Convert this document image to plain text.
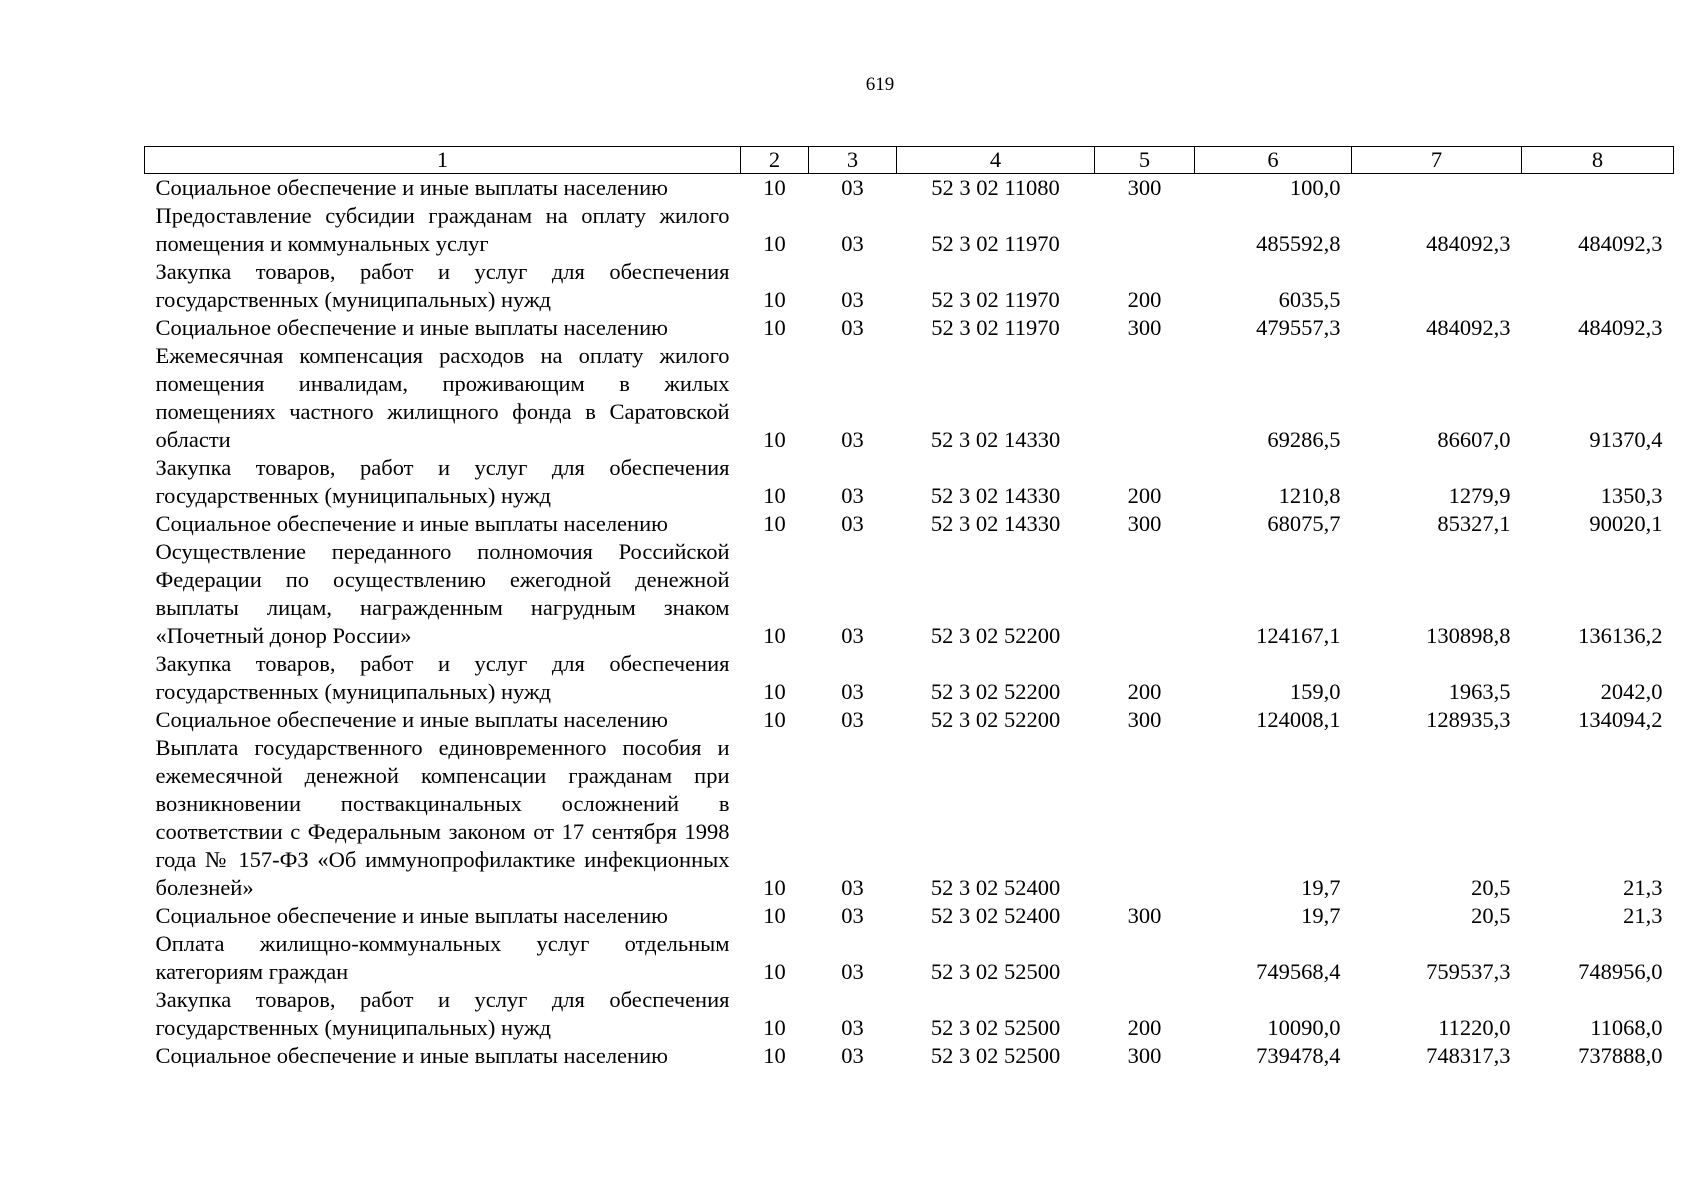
619
1	2	3	4	5	6	7	8
Социальное обеспечение и иные выплаты населению	10	03	52 3 02 11080	300	100,0		
Предоставление субсидии гражданам на оплату жилого помещения и коммунальных услуг	10	03	52 3 02 11970		485592,8	484092,3	484092,3
Закупка товаров, работ и услуг для обеспечения государственных (муниципальных) нужд	10	03	52 3 02 11970	200	6035,5		
Социальное обеспечение и иные выплаты населению	10	03	52 3 02 11970	300	479557,3	484092,3	484092,3
Ежемесячная компенсация расходов на оплату жилого помещения инвалидам, проживающим в жилых помещениях частного жилищного фонда в Саратовской области	10	03	52 3 02 14330		69286,5	86607,0	91370,4
Закупка товаров, работ и услуг для обеспечения государственных (муниципальных) нужд	10	03	52 3 02 14330	200	1210,8	1279,9	1350,3
Социальное обеспечение и иные выплаты населению	10	03	52 3 02 14330	300	68075,7	85327,1	90020,1
Осуществление переданного полномочия Российской Федерации по осуществлению ежегодной денежной выплаты лицам, награжденным нагрудным знаком «Почетный донор России»	10	03	52 3 02 52200		124167,1	130898,8	136136,2
Закупка товаров, работ и услуг для обеспечения государственных (муниципальных) нужд	10	03	52 3 02 52200	200	159,0	1963,5	2042,0
Социальное обеспечение и иные выплаты населению	10	03	52 3 02 52200	300	124008,1	128935,3	134094,2
Выплата государственного единовременного пособия и ежемесячной денежной компенсации гражданам при возникновении поствакцинальных осложнений в соответствии с Федеральным законом от 17 сентября 1998 года № 157-ФЗ «Об иммунопрофилактике инфекционных болезней»	10	03	52 3 02 52400		19,7	20,5	21,3
Социальное обеспечение и иные выплаты населению	10	03	52 3 02 52400	300	19,7	20,5	21,3
Оплата жилищно-коммунальных услуг отдельным категориям граждан	10	03	52 3 02 52500		749568,4	759537,3	748956,0
Закупка товаров, работ и услуг для обеспечения государственных (муниципальных) нужд	10	03	52 3 02 52500	200	10090,0	11220,0	11068,0
Социальное обеспечение и иные выплаты населению	10	03	52 3 02 52500	300	739478,4	748317,3	737888,0
